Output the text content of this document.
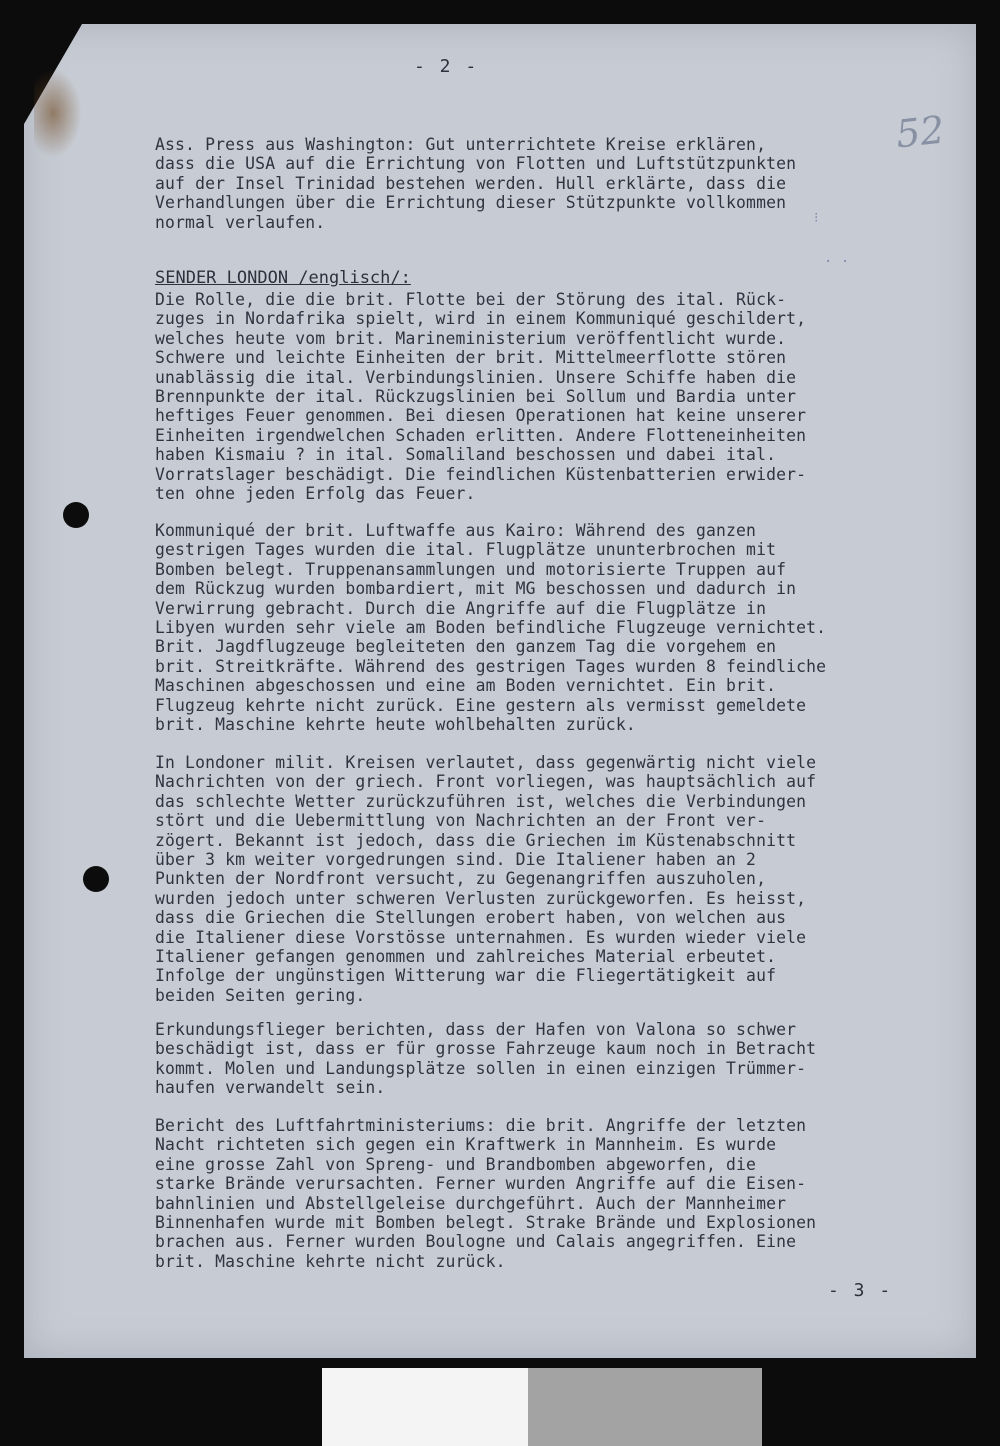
- 2 -
52
Ass. Press aus Washington: Gut unterrichtete Kreise erklären,
dass die USA auf die Errichtung von Flotten und Luftstützpunkten
auf der Insel Trinidad bestehen werden. Hull erklärte, dass die
Verhandlungen über die Errichtung dieser Stützpunkte vollkommen
normal verlaufen.
SENDER LONDON /englisch/:
Die Rolle, die die brit. Flotte bei der Störung des ital. Rück-
zuges in Nordafrika spielt, wird in einem Kommuniqué geschildert,
welches heute vom brit. Marineministerium veröffentlicht wurde.
Schwere und leichte Einheiten der brit. Mittelmeerflotte stören
unablässig die ital. Verbindungslinien. Unsere Schiffe haben die
Brennpunkte der ital. Rückzugslinien bei Sollum und Bardia unter
heftiges Feuer genommen. Bei diesen Operationen hat keine unserer
Einheiten irgendwelchen Schaden erlitten. Andere Flotteneinheiten
haben Kismaiu ? in ital. Somaliland beschossen und dabei ital.
Vorratslager beschädigt. Die feindlichen Küstenbatterien erwider-
ten ohne jeden Erfolg das Feuer.
Kommuniqué der brit. Luftwaffe aus Kairo: Während des ganzen
gestrigen Tages wurden die ital. Flugplätze ununterbrochen mit
Bomben belegt. Truppenansammlungen und motorisierte Truppen auf
dem Rückzug wurden bombardiert, mit MG beschossen und dadurch in
Verwirrung gebracht. Durch die Angriffe auf die Flugplätze in
Libyen wurden sehr viele am Boden befindliche Flugzeuge vernichtet.
Brit. Jagdflugzeuge begleiteten den ganzem Tag die vorgehem en
brit. Streitkräfte. Während des gestrigen Tages wurden 8 feindliche
Maschinen abgeschossen und eine am Boden vernichtet. Ein brit.
Flugzeug kehrte nicht zurück. Eine gestern als vermisst gemeldete
brit. Maschine kehrte heute wohlbehalten zurück.
In Londoner milit. Kreisen verlautet, dass gegenwärtig nicht viele
Nachrichten von der griech. Front vorliegen, was hauptsächlich auf
das schlechte Wetter zurückzuführen ist, welches die Verbindungen
stört und die Uebermittlung von Nachrichten an der Front ver-
zögert. Bekannt ist jedoch, dass die Griechen im Küstenabschnitt
über 3 km weiter vorgedrungen sind. Die Italiener haben an 2
Punkten der Nordfront versucht, zu Gegenangriffen auszuholen,
wurden jedoch unter schweren Verlusten zurückgeworfen. Es heisst,
dass die Griechen die Stellungen erobert haben, von welchen aus
die Italiener diese Vorstösse unternahmen. Es wurden wieder viele
Italiener gefangen genommen und zahlreiches Material erbeutet.
Infolge der ungünstigen Witterung war die Fliegertätigkeit auf
beiden Seiten gering.
Erkundungsflieger berichten, dass der Hafen von Valona so schwer
beschädigt ist, dass er für grosse Fahrzeuge kaum noch in Betracht
kommt. Molen und Landungsplätze sollen in einen einzigen Trümmer-
haufen verwandelt sein.
Bericht des Luftfahrtministeriums: die brit. Angriffe der letzten
Nacht richteten sich gegen ein Kraftwerk in Mannheim. Es wurde
eine grosse Zahl von Spreng- und Brandbomben abgeworfen, die
starke Brände verursachten. Ferner wurden Angriffe auf die Eisen-
bahnlinien und Abstellgeleise durchgeführt. Auch der Mannheimer
Binnenhafen wurde mit Bomben belegt. Strake Brände und Explosionen
brachen aus. Ferner wurden Boulogne und Calais angegriffen. Eine
brit. Maschine kehrte nicht zurück.
⁝
· ·
- 3 -
